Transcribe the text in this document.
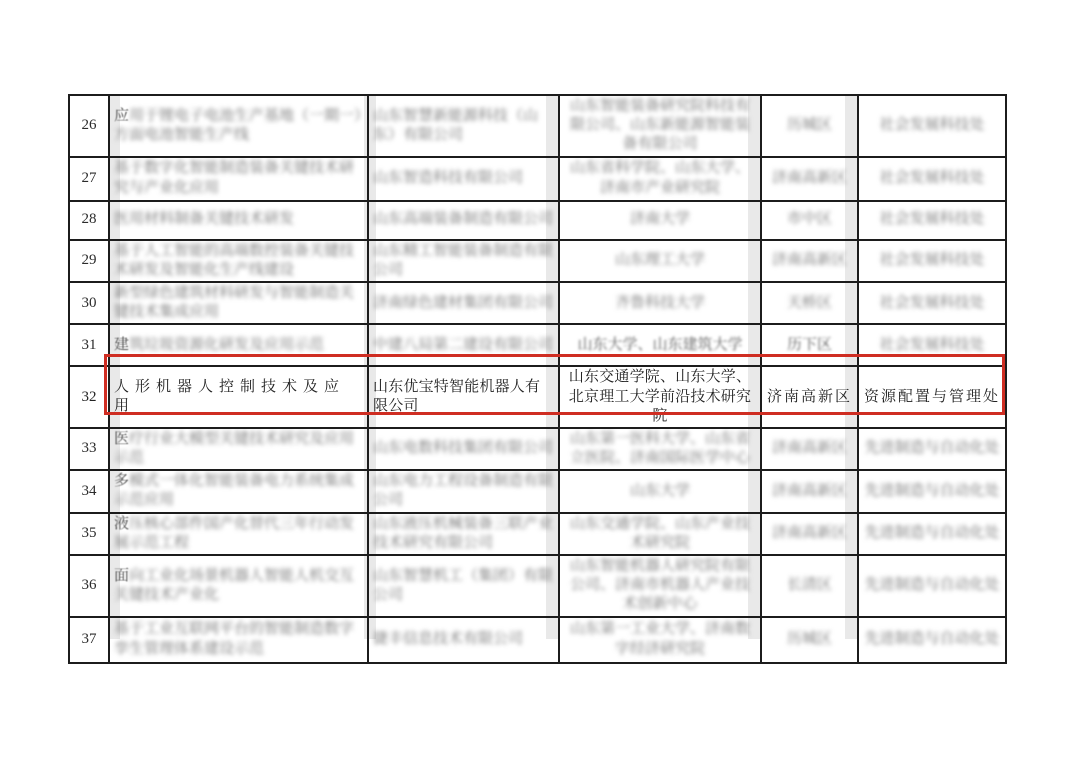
26	应用于锂电子电池生产基地（一期一）方面电池智能生产线	山东智慧新能源科技（山东）有限公司	山东智能装备研究院科技有限公司、山东新能源智能装备有限公司	历城区	社会发展科技处
27	基于数字化智能制造装备关键技术研究与产业化应用	山东智造科技有限公司	山东省科学院、山东大学、济南市产业研究院	济南高新区	社会发展科技处
28	医用材料制备关键技术研发	山东高端装备制造有限公司	济南大学	市中区	社会发展科技处
29	基于人工智能的高端数控装备关键技术研发及智能化生产线建设	山东精工智能装备制造有限公司	山东理工大学	济南高新区	社会发展科技处
30	新型绿色建筑材料研发与智能制造关键技术集成应用	济南绿色建材集团有限公司	齐鲁科技大学	天桥区	社会发展科技处
31	建筑垃圾资源化研发及应用示范	中建八局第二建设有限公司	山东大学、山东建筑大学	历下区	社会发展科技处
32	人形机器人控制技术及应用	山东优宝特智能机器人有限公司	山东交通学院、山东大学、北京理工大学前沿技术研究院	济南高新区	资源配置与管理处
33	医疗行业大模型关键技术研究及应用示范	山东电数科技集团有限公司	山东第一医科大学、山东省立医院、济南国际医学中心	济南高新区	先进制造与自动化处
34	多模式一体化智能装备电力系统集成示范应用	山东电力工程设备制造有限公司	山东大学	济南高新区	先进制造与自动化处
35	液压核心部件国产化替代三年行动发展示范工程	山东液压机械装备三联产业技术研究有限公司	山东交通学院、山东产业技术研究院	济南高新区	先进制造与自动化处
36	面向工业化场景机器人智能人机交互关键技术产业化	山东智慧机工（集团）有限公司	山东智能机器人研究院有限公司、济南市机器人产业技术创新中心	长清区	先进制造与自动化处
37	基于工业互联网平台的智能制造数字孪生管理体系建设示范	捷丰信息技术有限公司	山东第一工业大学、济南数字经济研究院	历城区	先进制造与自动化处
